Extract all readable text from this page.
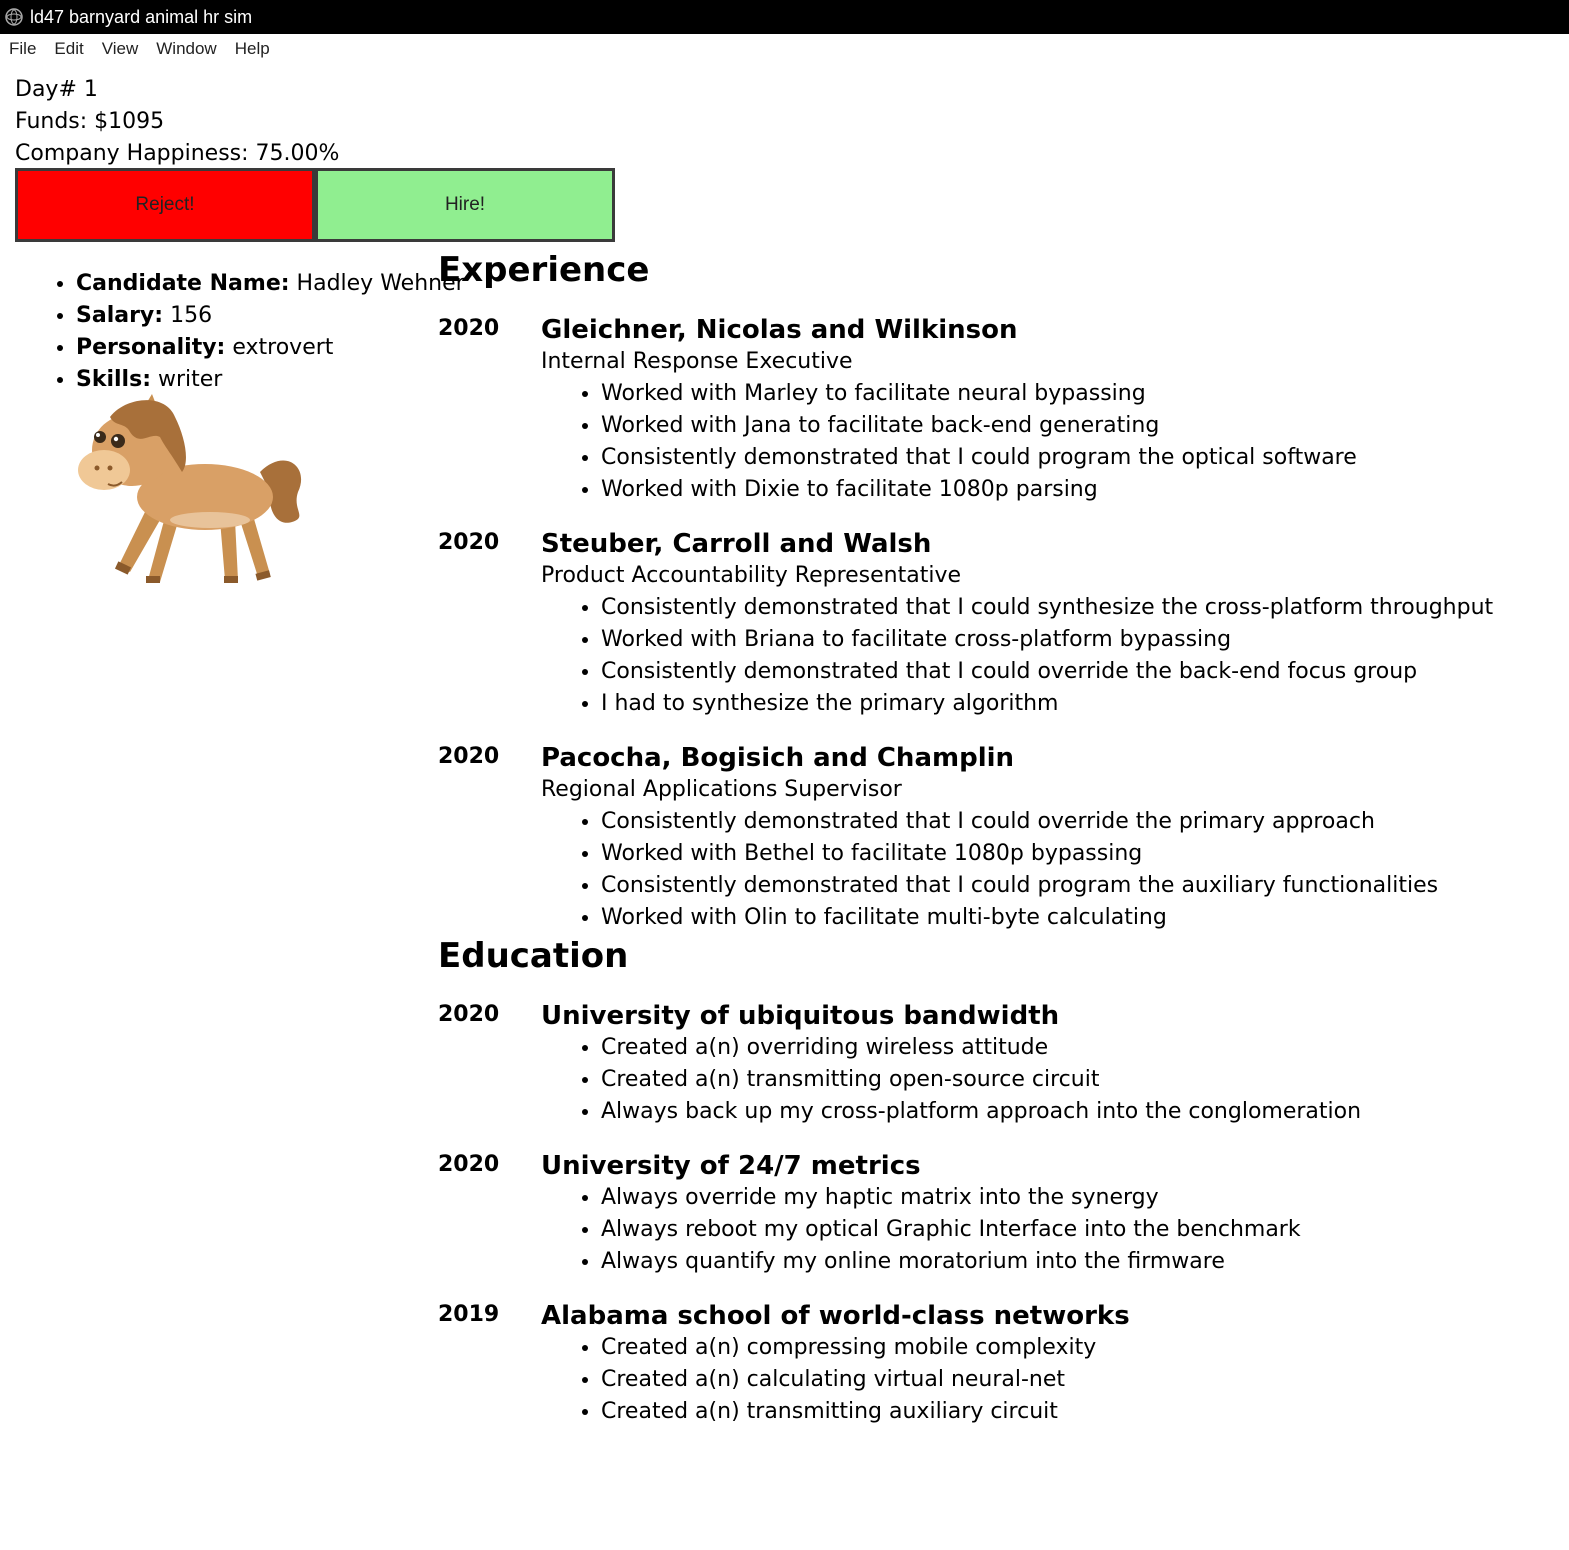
ld47 barnyard animal hr sim
File	Edit	View	Window	Help
Day# 1
Funds: $1095
Company Happiness: 75.00%
Reject!	Hire!
• Candidate Name: Hadley Wehner
• Salary: 156
• Personality: extrovert
• Skills: writer
Experience
2020	Gleichner, Nicolas and Wilkinson
Internal Response Executive
• Worked with Marley to facilitate neural bypassing
• Worked with Jana to facilitate back-end generating
• Consistently demonstrated that I could program the optical software
• Worked with Dixie to facilitate 1080p parsing
2020	Steuber, Carroll and Walsh
Product Accountability Representative
• Consistently demonstrated that I could synthesize the cross-platform throughput
• Worked with Briana to facilitate cross-platform bypassing
• Consistently demonstrated that I could override the back-end focus group
• I had to synthesize the primary algorithm
2020	Pacocha, Bogisich and Champlin
Regional Applications Supervisor
• Consistently demonstrated that I could override the primary approach
• Worked with Bethel to facilitate 1080p bypassing
• Consistently demonstrated that I could program the auxiliary functionalities
• Worked with Olin to facilitate multi-byte calculating
Education
2020	University of ubiquitous bandwidth
• Created a(n) overriding wireless attitude
• Created a(n) transmitting open-source circuit
• Always back up my cross-platform approach into the conglomeration
2020	University of 24/7 metrics
• Always override my haptic matrix into the synergy
• Always reboot my optical Graphic Interface into the benchmark
• Always quantify my online moratorium into the firmware
2019	Alabama school of world-class networks
• Created a(n) compressing mobile complexity
• Created a(n) calculating virtual neural-net
• Created a(n) transmitting auxiliary circuit
